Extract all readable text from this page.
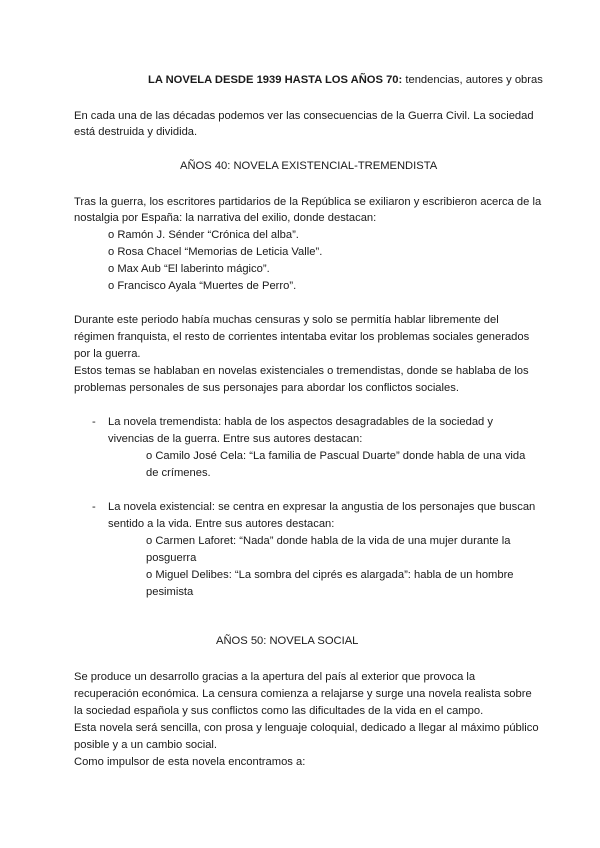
LA NOVELA DESDE 1939 HASTA LOS AÑOS 70: tendencias, autores y obras
En cada una de las décadas podemos ver las consecuencias de la Guerra Civil. La sociedad
está destruida y dividida.
AÑOS 40: NOVELA EXISTENCIAL-TREMENDISTA
Tras la guerra, los escritores partidarios de la República se exiliaron y escribieron acerca de la
nostalgia por España: la narrativa del exilio, donde destacan:
o Ramón J. Sénder “Crónica del alba”.
o Rosa Chacel “Memorias de Leticia Valle”.
o Max Aub “El laberinto mágico”.
o Francisco Ayala “Muertes de Perro”.
Durante este periodo había muchas censuras y solo se permitía hablar libremente del
régimen franquista, el resto de corrientes intentaba evitar los problemas sociales generados
por la guerra.
Estos temas se hablaban en novelas existenciales o tremendistas, donde se hablaba de los
problemas personales de sus personajes para abordar los conflictos sociales.
- La novela tremendista: habla de los aspectos desagradables de la sociedad y
vivencias de la guerra. Entre sus autores destacan:
o Camilo José Cela: “La familia de Pascual Duarte” donde habla de una vida
de crímenes.
- La novela existencial: se centra en expresar la angustia de los personajes que buscan
sentido a la vida. Entre sus autores destacan:
o Carmen Laforet: “Nada” donde habla de la vida de una mujer durante la
posguerra
o Miguel Delibes: “La sombra del ciprés es alargada”: habla de un hombre
pesimista
AÑOS 50: NOVELA SOCIAL
Se produce un desarrollo gracias a la apertura del país al exterior que provoca la
recuperación económica. La censura comienza a relajarse y surge una novela realista sobre
la sociedad española y sus conflictos como las dificultades de la vida en el campo.
Esta novela será sencilla, con prosa y lenguaje coloquial, dedicado a llegar al máximo público
posible y a un cambio social.
Como impulsor de esta novela encontramos a:
